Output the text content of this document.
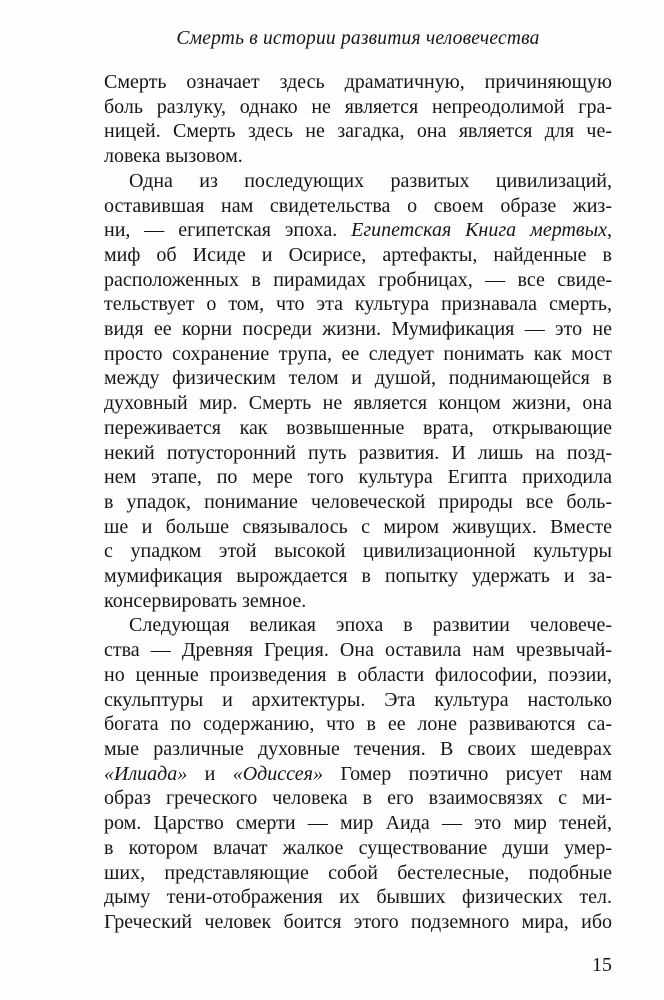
Смерть в истории развития человечества
Смерть означает здесь драматичную, причиняющую
боль разлуку, однако не является непреодолимой гра-
ницей. Смерть здесь не загадка, она является для че-
ловека вызовом.
Одна из последующих развитых цивилизаций,
оставившая нам свидетельства о своем образе жиз-
ни, — египетская эпоха. Египетская Книга мертвых,
миф об Исиде и Осирисе, артефакты, найденные в
расположенных в пирамидах гробницах, — все свиде-
тельствует о том, что эта культура признавала смерть,
видя ее корни посреди жизни. Мумификация — это не
просто сохранение трупа, ее следует понимать как мост
между физическим телом и душой, поднимающейся в
духовный мир. Смерть не является концом жизни, она
переживается как возвышенные врата, открывающие
некий потусторонний путь развития. И лишь на позд-
нем этапе, по мере того культура Египта приходила
в упадок, понимание человеческой природы все боль-
ше и больше связывалось с миром живущих. Вместе
с упадком этой высокой цивилизационной культуры
мумификация вырождается в попытку удержать и за-
консервировать земное.
Следующая великая эпоха в развитии человече-
ства — Древняя Греция. Она оставила нам чрезвычай-
но ценные произведения в области философии, поэзии,
скульптуры и архитектуры. Эта культура настолько
богата по содержанию, что в ее лоне развиваются са-
мые различные духовные течения. В своих шедеврах
«Илиада» и «Одиссея» Гомер поэтично рисует нам
образ греческого человека в его взаимосвязях с ми-
ром. Царство смерти — мир Аида — это мир теней,
в котором влачат жалкое существование души умер-
ших, представляющие собой бестелесные, подобные
дыму тени-отображения их бывших физических тел.
Греческий человек боится этого подземного мира, ибо
15
